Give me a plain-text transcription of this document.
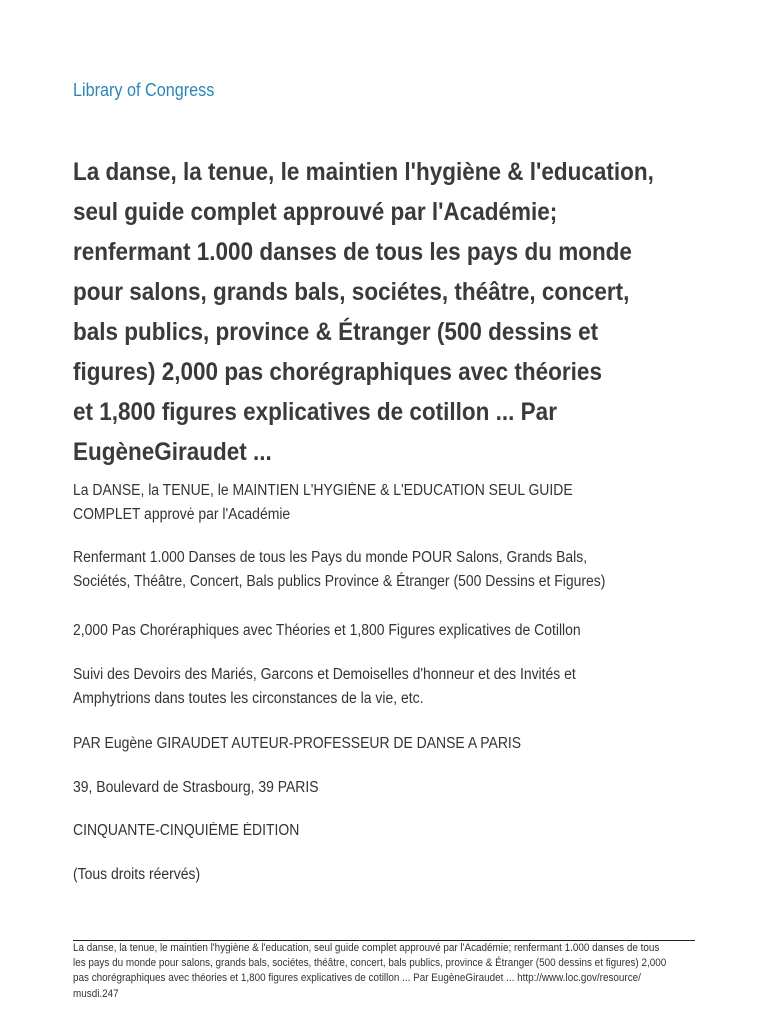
Library of Congress
La danse, la tenue, le maintien l'hygiène & l'education,
seul guide complet approuvé par l'Académie;
renfermant 1.000 danses de tous les pays du monde
pour salons, grands bals, sociétes, théâtre, concert,
bals publics, province & Étranger (500 dessins et
figures) 2,000 pas chorégraphiques avec théories
et 1,800 figures explicatives de cotillon ... Par
EugèneGiraudet ...

La DANSE, la TENUE, le MAINTIEN L'HYGIÈNE & L'EDUCATION SEUL GUIDE
COMPLET approvė par l'Académie

Renfermant 1.000 Danses de tous les Pays du monde POUR Salons, Grands Bals,
Sociétés, Théâtre, Concert, Bals publics Province & Étranger (500 Dessins et Figures)

2,000 Pas Choréraphiques avec Théories et 1,800 Figures explicatives de Cotillon

Suivi des Devoirs des Mariés, Garcons et Demoiselles d'honneur et des Invités et
Amphytrions dans toutes les circonstances de la vie, etc.

PAR Eugène GIRAUDET AUTEUR-PROFESSEUR DE DANSE A PARIS

39, Boulevard de Strasbourg, 39 PARIS

CINQUANTE-CINQUIÈME ÉDITION

(Tous droits réervés)

La danse, la tenue, le maintien l'hygiène & l'education, seul guide complet approuvé par l'Académie; renfermant 1.000 danses de tous
les pays du monde pour salons, grands bals, sociétes, théâtre, concert, bals publics, province & Étranger (500 dessins et figures) 2,000
pas chorégraphiques avec théories et 1,800 figures explicatives de cotillon ... Par EugèneGiraudet ... http://www.loc.gov/resource/
musdi.247
